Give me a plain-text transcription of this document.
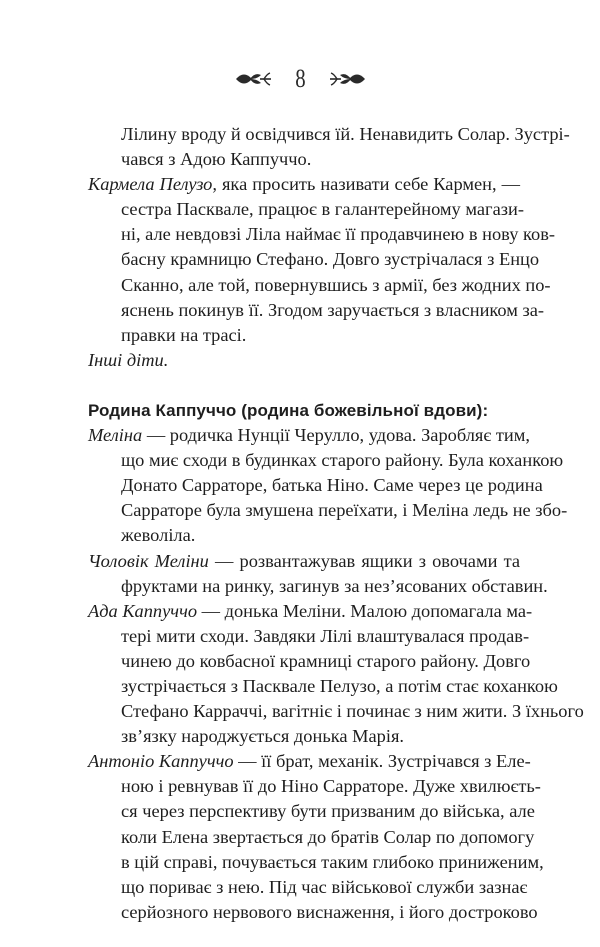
8
Лілину вроду й освідчився їй. Ненавидить Солар. Зустрі-
чався з Адою Каппуччо.
Кармела Пелузо, яка просить називати себе Кармен, —
сестра Пасквале, працює в галантерейному магази-
ні, але невдовзі Ліла наймає її продавчинею в нову ков-
басну крамницю Стефано. Довго зустрічалася з Енцо
Сканно, але той, повернувшись з армії, без жодних по-
яснень покинув її. Згодом заручається з власником за-
правки на трасі.
Інші діти.
Родина Каппуччо (родина божевільної вдови):
Меліна — родичка Нунції Черулло, удова. Заробляє тим,
що миє сходи в будинках старого району. Була коханкою
Донато Сарраторе, батька Ніно. Саме через це родина
Сарраторе була змушена переїхати, і Меліна ледь не збо-
жеволіла.
Чоловік Меліни — розвантажував ящики з овочами та
фруктами на ринку, загинув за нез’ясованих обставин.
Ада Каппуччо — донька Меліни. Малою допомагала ма-
тері мити сходи. Завдяки Лілі влаштувалася продав-
чинею до ковбасної крамниці старого району. Довго
зустрічається з Пасквале Пелузо, а потім стає коханкою
Стефано Карраччі, вагітніє і починає з ним жити. З їхнього
зв’язку народжується донька Марія.
Антоніо Каппуччо — її брат, механік. Зустрічався з Еле-
ною і ревнував її до Ніно Сарраторе. Дуже хвилюєть-
ся через перспективу бути призваним до війська, але
коли Елена звертається до братів Солар по допомогу
в цій справі, почувається таким глибоко приниженим,
що пориває з нею. Під час військової служби зазнає
серйозного нервового виснаження, і його достроково
